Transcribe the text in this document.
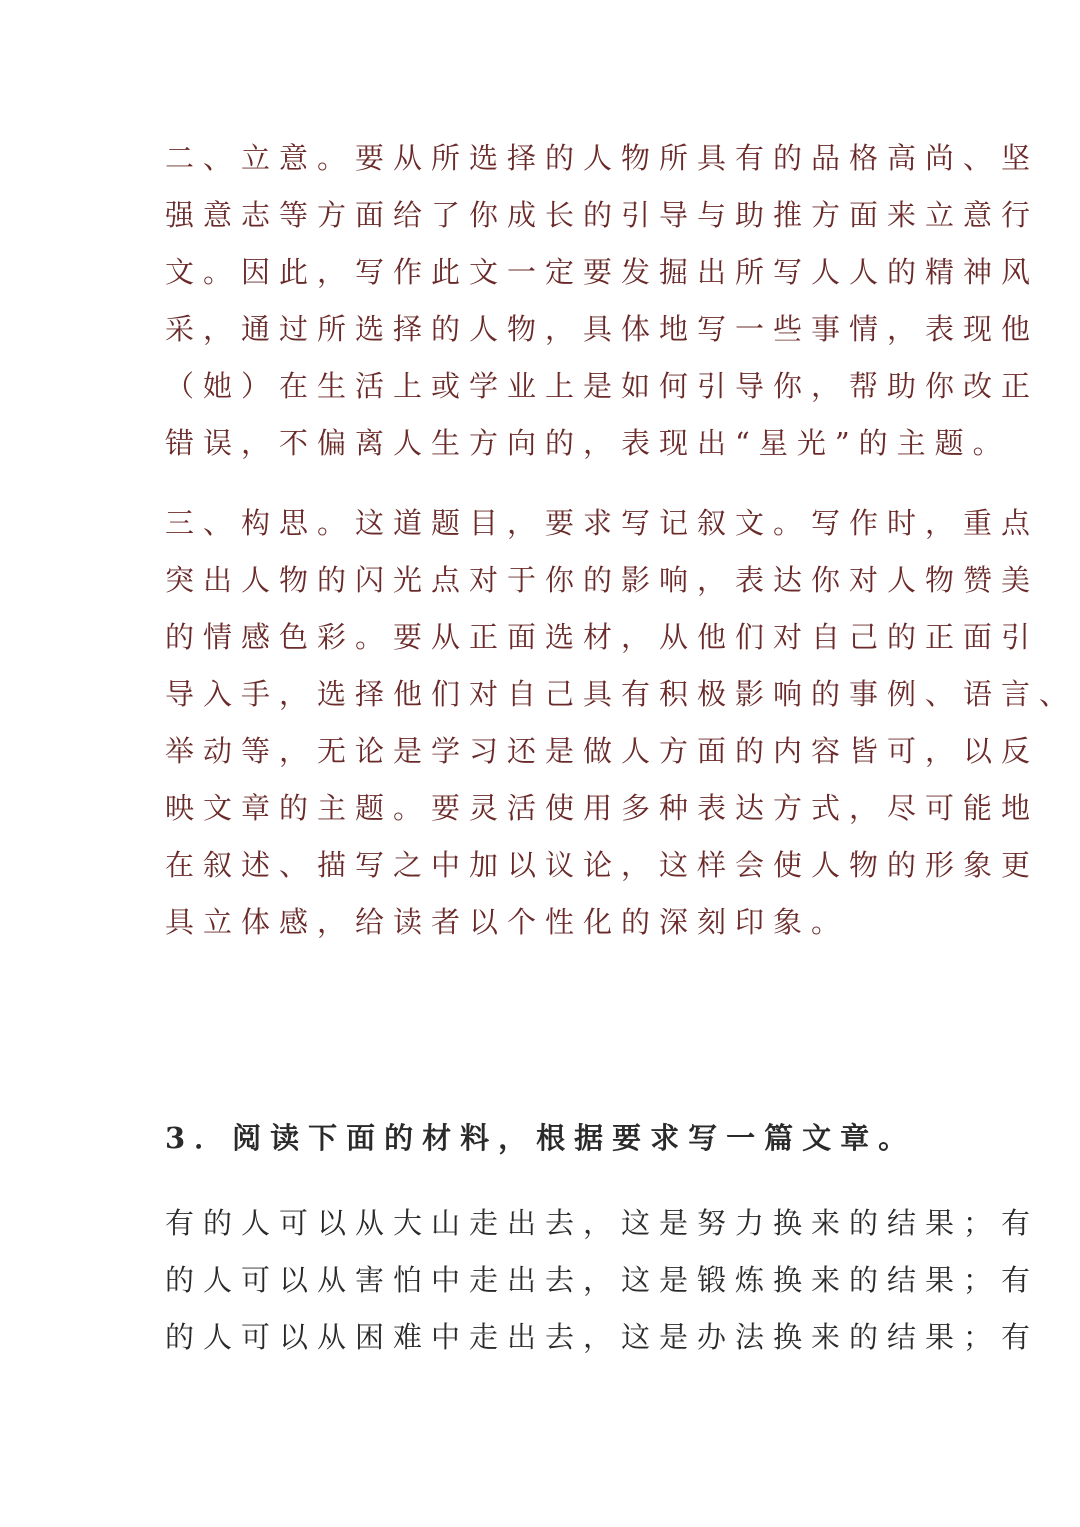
二、立意。要从所选择的人物所具有的品格高尚、坚
强意志等方面给了你成长的引导与助推方面来立意行
文。因此，写作此文一定要发掘出所写人人的精神风
采，通过所选择的人物，具体地写一些事情，表现他
（她）在生活上或学业上是如何引导你，帮助你改正
错误，不偏离人生方向的，表现出“星光”的主题。
三、构思。这道题目，要求写记叙文。写作时，重点
突出人物的闪光点对于你的影响，表达你对人物赞美
的情感色彩。要从正面选材，从他们对自己的正面引
导入手，选择他们对自己具有积极影响的事例、语言、
举动等，无论是学习还是做人方面的内容皆可，以反
映文章的主题。要灵活使用多种表达方式，尽可能地
在叙述、描写之中加以议论，这样会使人物的形象更
具立体感，给读者以个性化的深刻印象。
3．阅读下面的材料，根据要求写一篇文章。
有的人可以从大山走出去，这是努力换来的结果；有
的人可以从害怕中走出去，这是锻炼换来的结果；有
的人可以从困难中走出去，这是办法换来的结果；有
